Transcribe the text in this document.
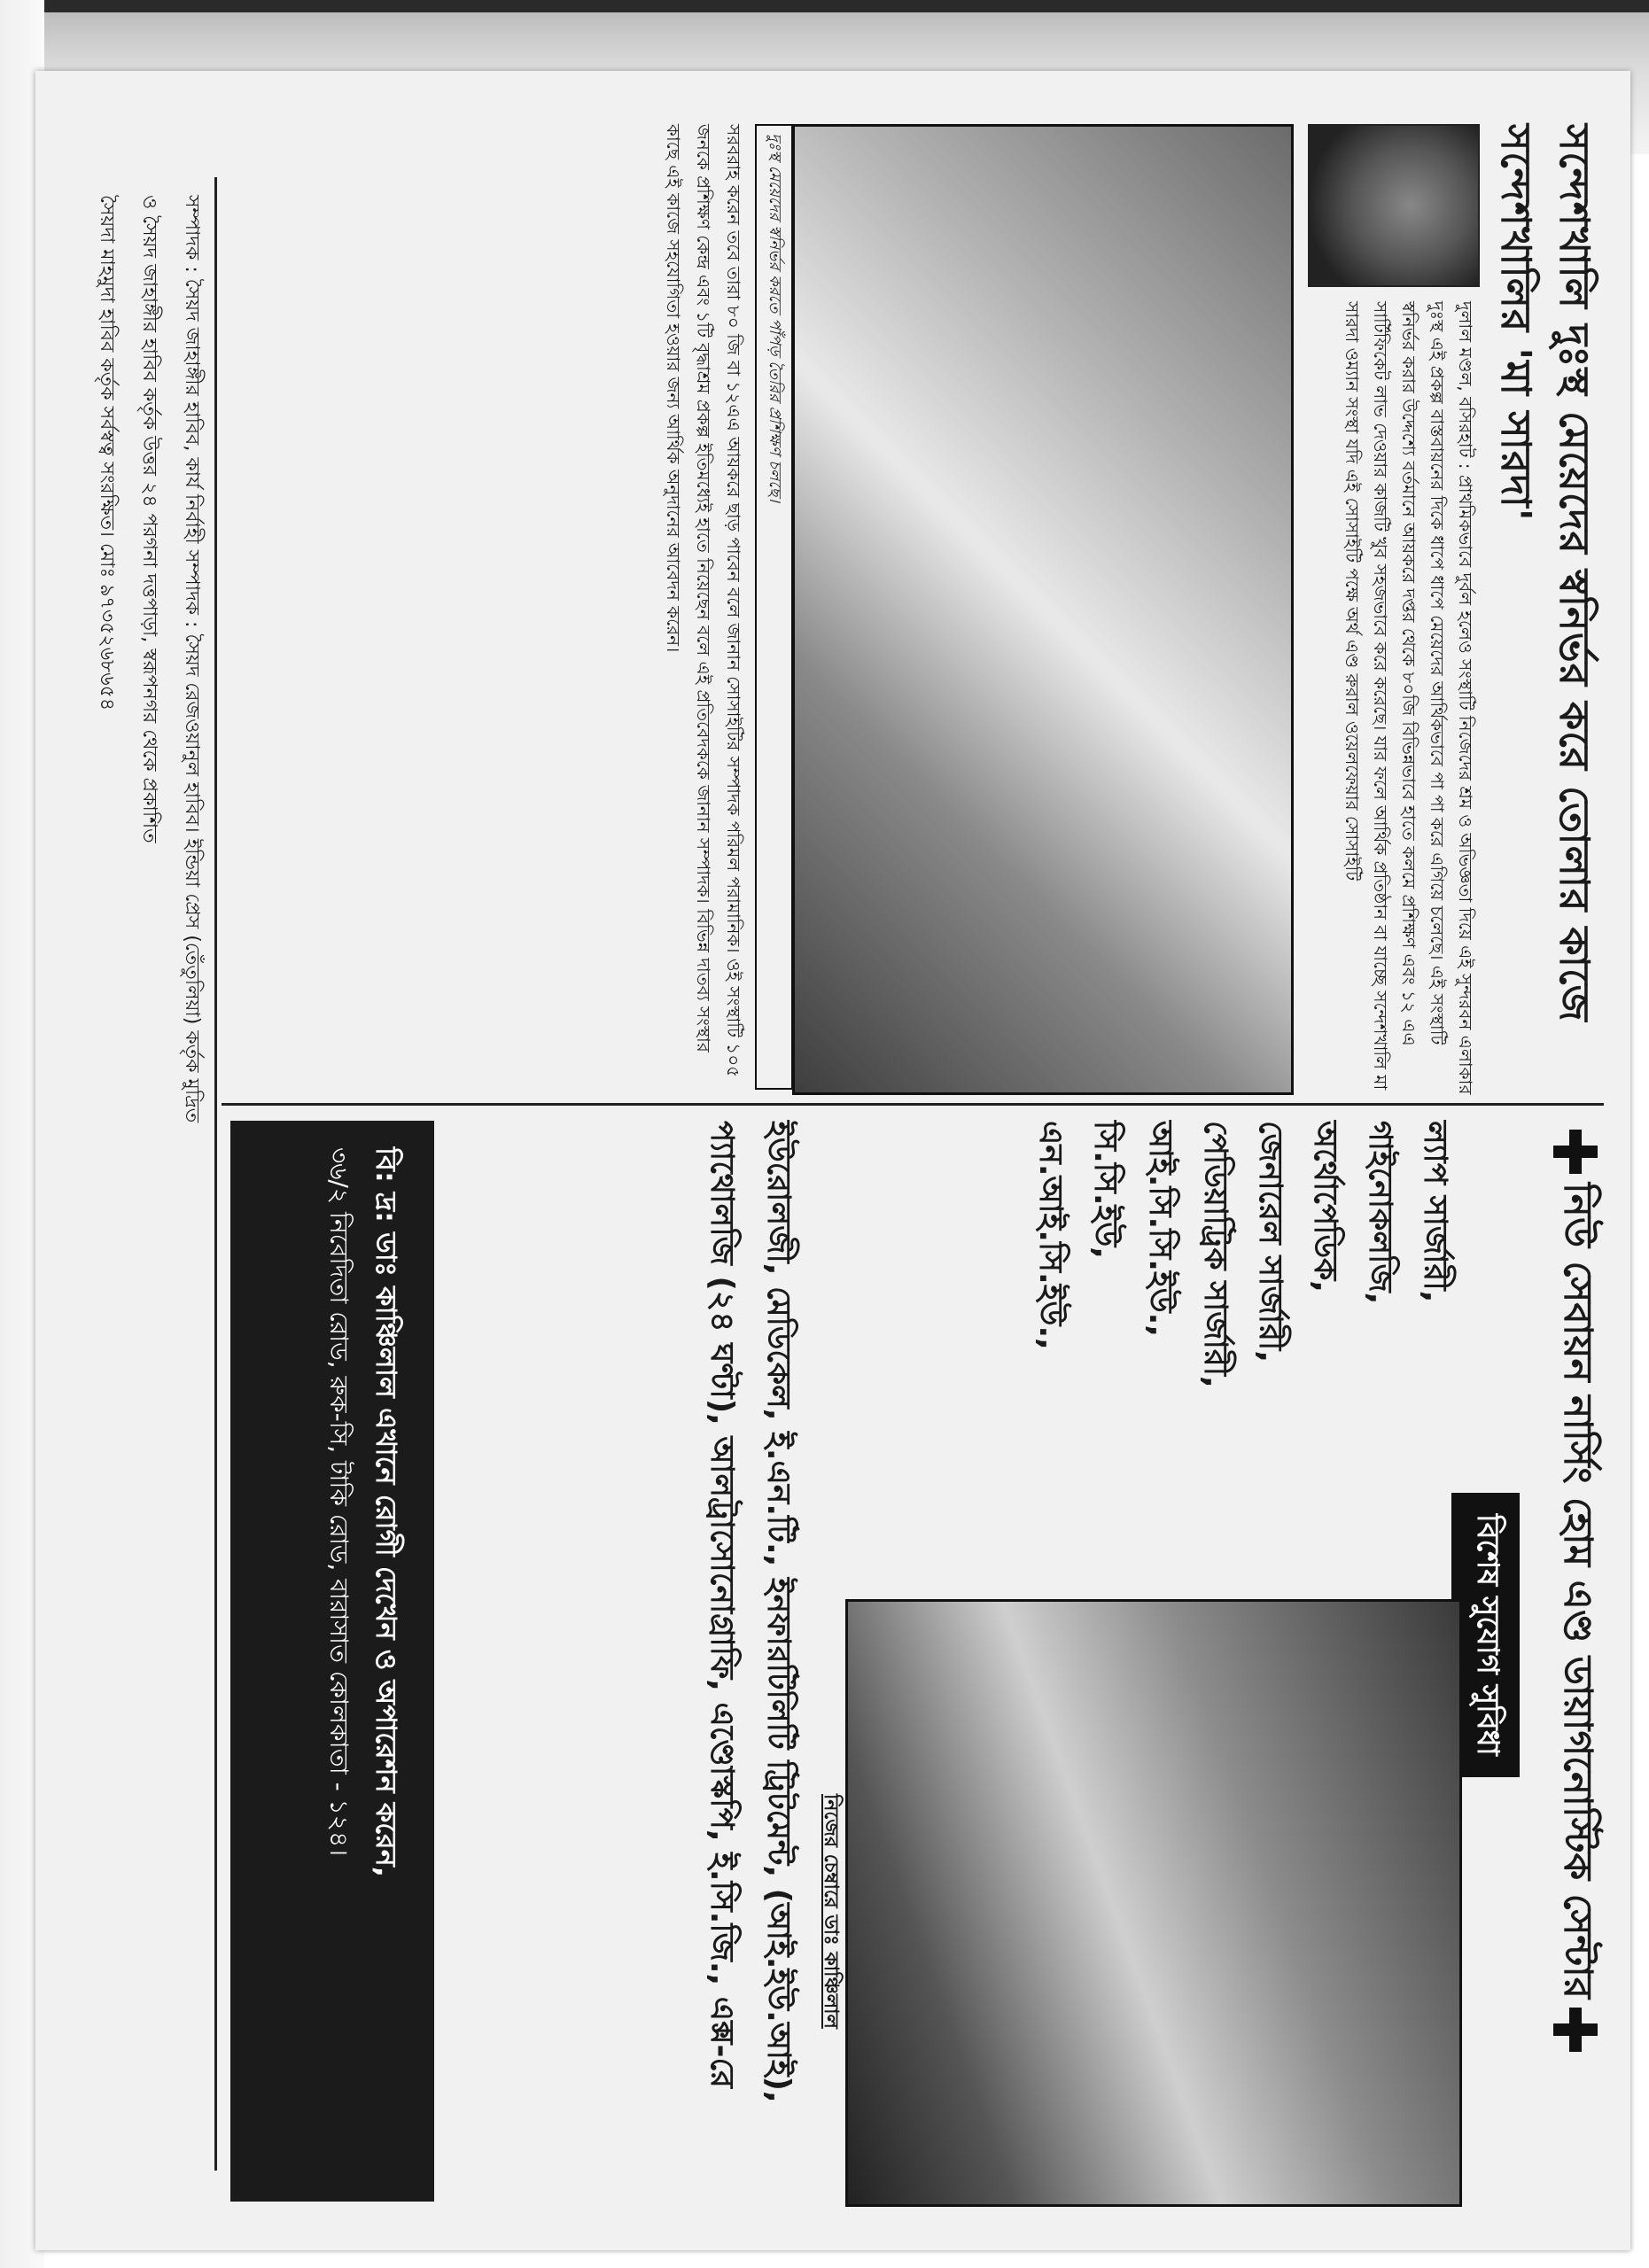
সন্দেশখালি দুঃস্থ মেয়েদের স্বনির্ভর করে তোলার কাজে সন্দেশখালির 'মা সারদা'
দুলাল মণ্ডল, বসিরহাট : প্রাথমিকভাবে দুর্বল হলেও সংস্থাটি নিজেদের শ্রম ও অভিজ্ঞতা দিয়ে এই সুন্দরবন এলাকার দুঃস্থ এই প্রকল্প বাস্তবায়নের দিকে ধাপে ধাপে মেয়েদের আর্থিকভাবে পা পা করে এগিয়ে চলেছে। এই সংস্থাটি স্বনির্ভর করার উদ্দেশ্যে বর্তমানে আয়করে দপ্তর থেকে ৮০জি বিভিন্নভাবে হাতে কলমে প্রশিক্ষণ এবং ১২ এএ সার্টিফিকেট লাভ দেওয়ার কাজটি খুব সহজভাবে করে করেছে। যার ফলে আর্থিক প্রতিষ্ঠান বা যাচ্ছে সন্দেশখালি মা সারদা ওম্যান সংস্থা যদি এই সোসাইটি পক্ষে অর্থ এণ্ড রুরাল ওয়েলফেয়ার সোসাইটি
দুঃস্থ মেয়েদের স্বনির্ভর করতে পাঁপড় তৈরির প্রশিক্ষণ চলছে।
সরবরাহ করেন তবে তারা ৮০ জি বা ১২এএ আয়করে ছাড় পাবেন বলে জানান সোসাইটির সম্পাদক পরিমল পরামানিক। ওই সংস্থাটি ১০৫ জনকে প্রশিক্ষণ কেন্দ্র এবং ১টি বৃদ্ধাশ্রম প্রকল্প ইতিমধ্যেই হাতে নিয়েছেন বলে এই প্রতিবেদককে জানান সম্পাদক। বিভিন্ন দাতব্য সংস্থার কাছে এই কাজে সহযোগিতা হওয়ার জন্য আর্থিক অনুদানের আবেদন করেন।
নিউ সেবায়ন নার্সিং হোম এণ্ড ডায়াগনোস্টিক সেন্টার
বিশেষ সুযোগ সুবিধা
ল্যাপ সার্জারী,
গাইনোকলজি,
অর্থোপেডিক,
জেনারেল সার্জারী,
পেডিয়াট্রিক সার্জারী,
আই.সি.সি.ইউ.,
সি.সি.ইউ,
এন.আই.সি.ইউ.,
নিজের চেম্বারে ডাঃ কাঞ্চিলাল
ইউরোলজী, মেডিকেল, ই.এন.টি., ইনফারটিলিটি ট্রিটমেন্ট, (আই.ইউ.আই), প্যাথোলজি (২৪ ঘণ্টা), আলট্রাসোনোগ্রাফি, এণ্ডোস্কপি, ই.সি.জি., এক্স-রে
বি: দ্র: ডাঃ কাঞ্চিলাল এখানে রোগী দেখেন ও অপারেশন করেন,
৩৬/২ নিবেদিতা রোড, রুক-সি, টাকি রোড, বারাসাত কোলকাতা - ১২৪।
সম্পাদক : সৈয়দ জাহাঙ্গীর হাবিব, কার্য নির্বাহী সম্পাদক : সৈয়দ রেজওয়ানুল হাবিব। ইন্ডিয়া প্রেস (তেঁতুলিয়া) কর্তৃক মুদ্রিত
ও সৈয়দ জাহাঙ্গীর হাবিব কর্তৃক উত্তর ২৪ পরগনা দত্তপাড়া, স্বরূপনগর থেকে প্রকাশিত
সৈয়দা মাহমুদা হাবিব কর্তৃক সর্বস্বত্ব সংরক্ষিত। মোঃ ৯৭৩৫২৬৮৬৫৪
